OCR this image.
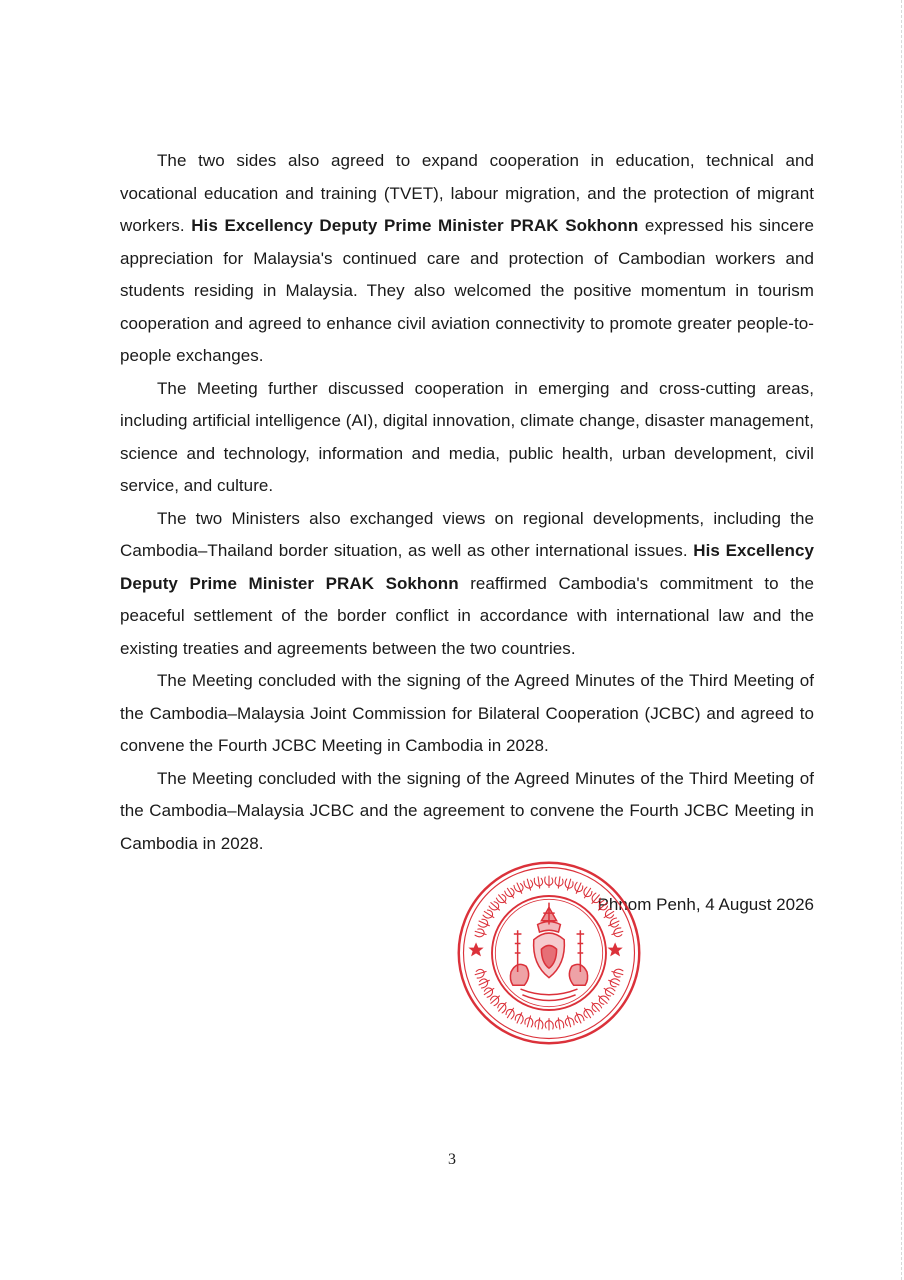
The two sides also agreed to expand cooperation in education, technical and vocational education and training (TVET), labour migration, and the protection of migrant workers. His Excellency Deputy Prime Minister PRAK Sokhonn expressed his sincere appreciation for Malaysia's continued care and protection of Cambodian workers and students residing in Malaysia. They also welcomed the positive momentum in tourism cooperation and agreed to enhance civil aviation connectivity to promote greater people-to-people exchanges.

The Meeting further discussed cooperation in emerging and cross-cutting areas, including artificial intelligence (AI), digital innovation, climate change, disaster management, science and technology, information and media, public health, urban development, civil service, and culture.

The two Ministers also exchanged views on regional developments, including the Cambodia–Thailand border situation, as well as other international issues. His Excellency Deputy Prime Minister PRAK Sokhonn reaffirmed Cambodia's commitment to the peaceful settlement of the border conflict in accordance with international law and the existing treaties and agreements between the two countries.

The Meeting concluded with the signing of the Agreed Minutes of the Third Meeting of the Cambodia–Malaysia Joint Commission for Bilateral Cooperation (JCBC) and agreed to convene the Fourth JCBC Meeting in Cambodia in 2028.

The Meeting concluded with the signing of the Agreed Minutes of the Third Meeting of the Cambodia–Malaysia JCBC and the agreement to convene the Fourth JCBC Meeting in Cambodia in 2028.

Phnom Penh, 4 August 2026
3
